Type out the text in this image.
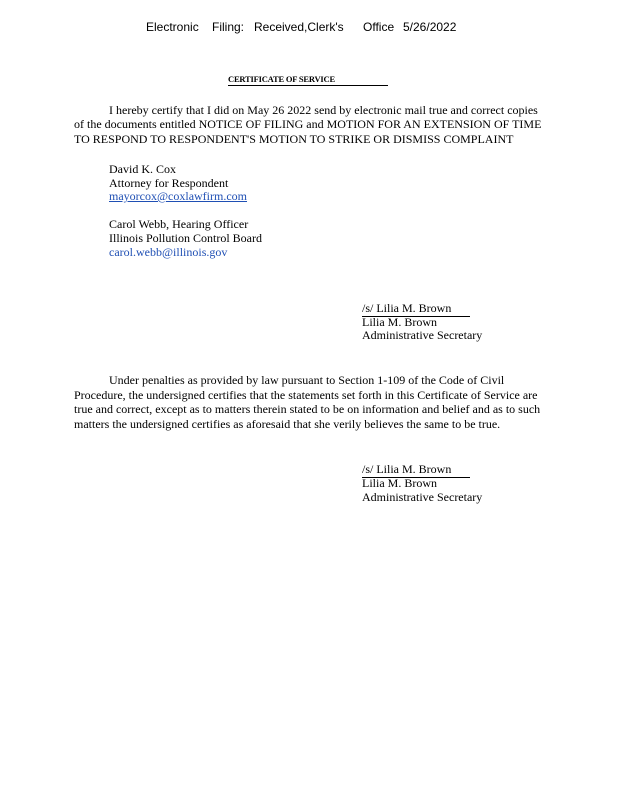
Electronic Filing: Received,Clerk's Office 5/26/2022
CERTIFICATE OF SERVICE
I hereby certify that I did on May 26 2022 send by electronic mail true and correct copies
of the documents entitled NOTICE OF FILING and MOTION FOR AN EXTENSION OF TIME
TO RESPOND TO RESPONDENT'S MOTION TO STRIKE OR DISMISS COMPLAINT
David K. Cox
Attorney for Respondent
mayorcox@coxlawfirm.com
Carol Webb, Hearing Officer
Illinois Pollution Control Board
carol.webb@illinois.gov
/s/ Lilia M. Brown
Lilia M. Brown
Administrative Secretary
Under penalties as provided by law pursuant to Section 1-109 of the Code of Civil
Procedure, the undersigned certifies that the statements set forth in this Certificate of Service are
true and correct, except as to matters therein stated to be on information and belief and as to such
matters the undersigned certifies as aforesaid that she verily believes the same to be true.
/s/ Lilia M. Brown
Lilia M. Brown
Administrative Secretary
